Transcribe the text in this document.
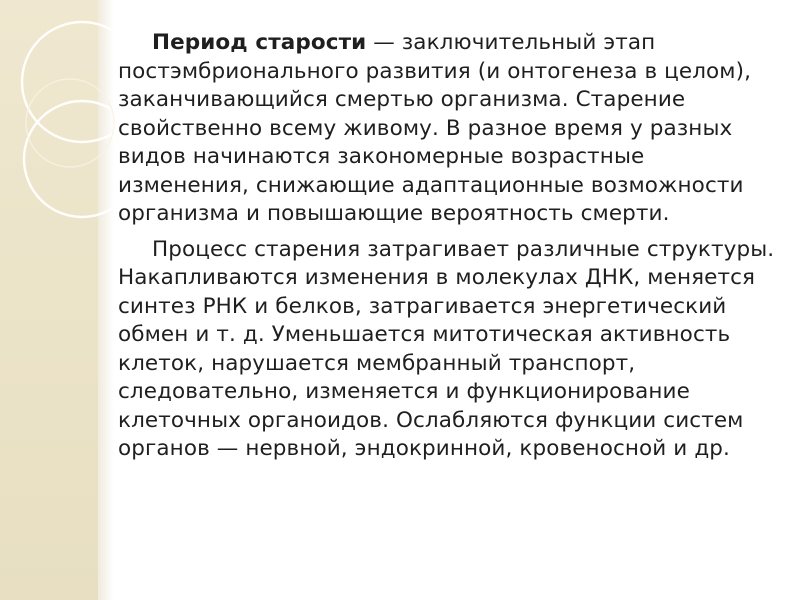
Период старости — заключительный этап постэмбрионального развития (и онтогенеза в целом), заканчивающийся смертью организма. Старение свойственно всему живому. В разное время у разных видов начинаются закономерные возрастные изменения, снижающие адаптационные возможности организма и повышающие вероятность смерти.

Процесс старения затрагивает различные структуры. Накапливаются изменения в молекулах ДНК, меняется синтез РНК и белков, затрагивается энергетический обмен и т. д. Уменьшается митотическая активность клеток, нарушается мембранный транспорт, следовательно, изменяется и функционирование клеточных органоидов. Ослабляются функции систем органов — нервной, эндокринной, кровеносной и др.
